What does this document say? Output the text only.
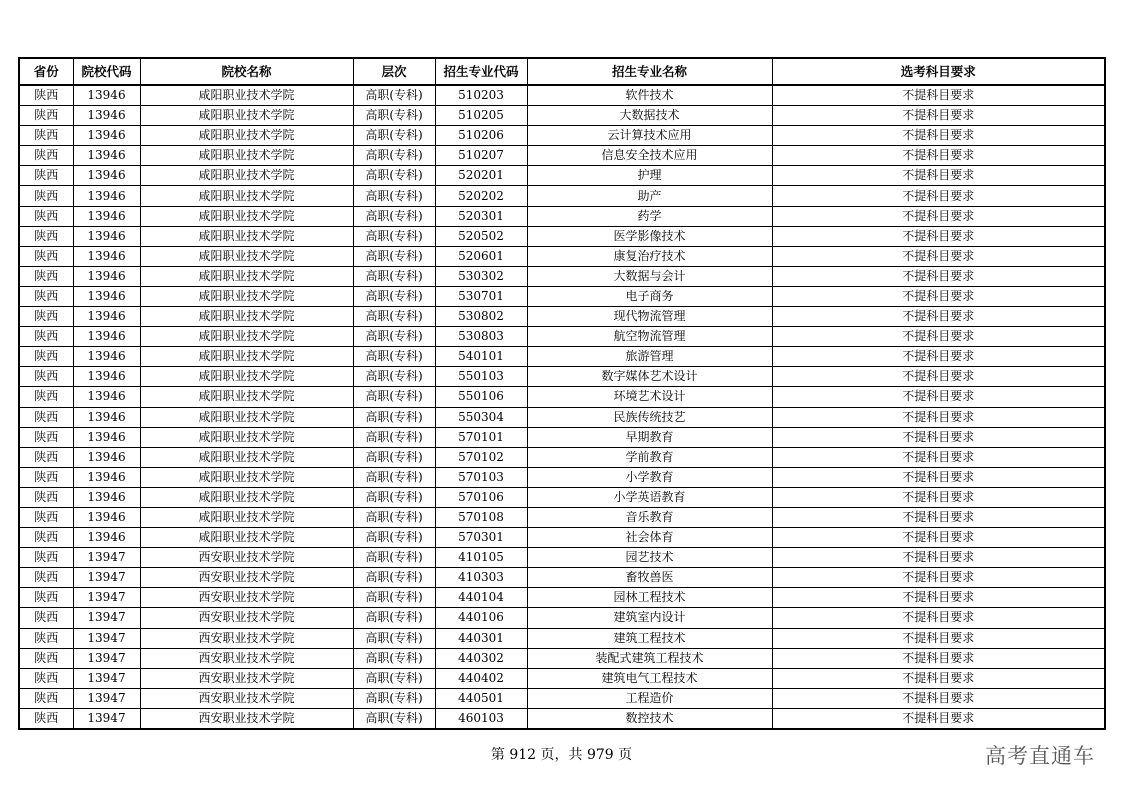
省份	院校代码	院校名称	层次	招生专业代码	招生专业名称	选考科目要求
陕西	13946	咸阳职业技术学院	高职(专科)	510203	软件技术	不提科目要求
陕西	13946	咸阳职业技术学院	高职(专科)	510205	大数据技术	不提科目要求
陕西	13946	咸阳职业技术学院	高职(专科)	510206	云计算技术应用	不提科目要求
陕西	13946	咸阳职业技术学院	高职(专科)	510207	信息安全技术应用	不提科目要求
陕西	13946	咸阳职业技术学院	高职(专科)	520201	护理	不提科目要求
陕西	13946	咸阳职业技术学院	高职(专科)	520202	助产	不提科目要求
陕西	13946	咸阳职业技术学院	高职(专科)	520301	药学	不提科目要求
陕西	13946	咸阳职业技术学院	高职(专科)	520502	医学影像技术	不提科目要求
陕西	13946	咸阳职业技术学院	高职(专科)	520601	康复治疗技术	不提科目要求
陕西	13946	咸阳职业技术学院	高职(专科)	530302	大数据与会计	不提科目要求
陕西	13946	咸阳职业技术学院	高职(专科)	530701	电子商务	不提科目要求
陕西	13946	咸阳职业技术学院	高职(专科)	530802	现代物流管理	不提科目要求
陕西	13946	咸阳职业技术学院	高职(专科)	530803	航空物流管理	不提科目要求
陕西	13946	咸阳职业技术学院	高职(专科)	540101	旅游管理	不提科目要求
陕西	13946	咸阳职业技术学院	高职(专科)	550103	数字媒体艺术设计	不提科目要求
陕西	13946	咸阳职业技术学院	高职(专科)	550106	环境艺术设计	不提科目要求
陕西	13946	咸阳职业技术学院	高职(专科)	550304	民族传统技艺	不提科目要求
陕西	13946	咸阳职业技术学院	高职(专科)	570101	早期教育	不提科目要求
陕西	13946	咸阳职业技术学院	高职(专科)	570102	学前教育	不提科目要求
陕西	13946	咸阳职业技术学院	高职(专科)	570103	小学教育	不提科目要求
陕西	13946	咸阳职业技术学院	高职(专科)	570106	小学英语教育	不提科目要求
陕西	13946	咸阳职业技术学院	高职(专科)	570108	音乐教育	不提科目要求
陕西	13946	咸阳职业技术学院	高职(专科)	570301	社会体育	不提科目要求
陕西	13947	西安职业技术学院	高职(专科)	410105	园艺技术	不提科目要求
陕西	13947	西安职业技术学院	高职(专科)	410303	畜牧兽医	不提科目要求
陕西	13947	西安职业技术学院	高职(专科)	440104	园林工程技术	不提科目要求
陕西	13947	西安职业技术学院	高职(专科)	440106	建筑室内设计	不提科目要求
陕西	13947	西安职业技术学院	高职(专科)	440301	建筑工程技术	不提科目要求
陕西	13947	西安职业技术学院	高职(专科)	440302	装配式建筑工程技术	不提科目要求
陕西	13947	西安职业技术学院	高职(专科)	440402	建筑电气工程技术	不提科目要求
陕西	13947	西安职业技术学院	高职(专科)	440501	工程造价	不提科目要求
陕西	13947	西安职业技术学院	高职(专科)	460103	数控技术	不提科目要求
第 912 页，共 979 页	高考直通车
